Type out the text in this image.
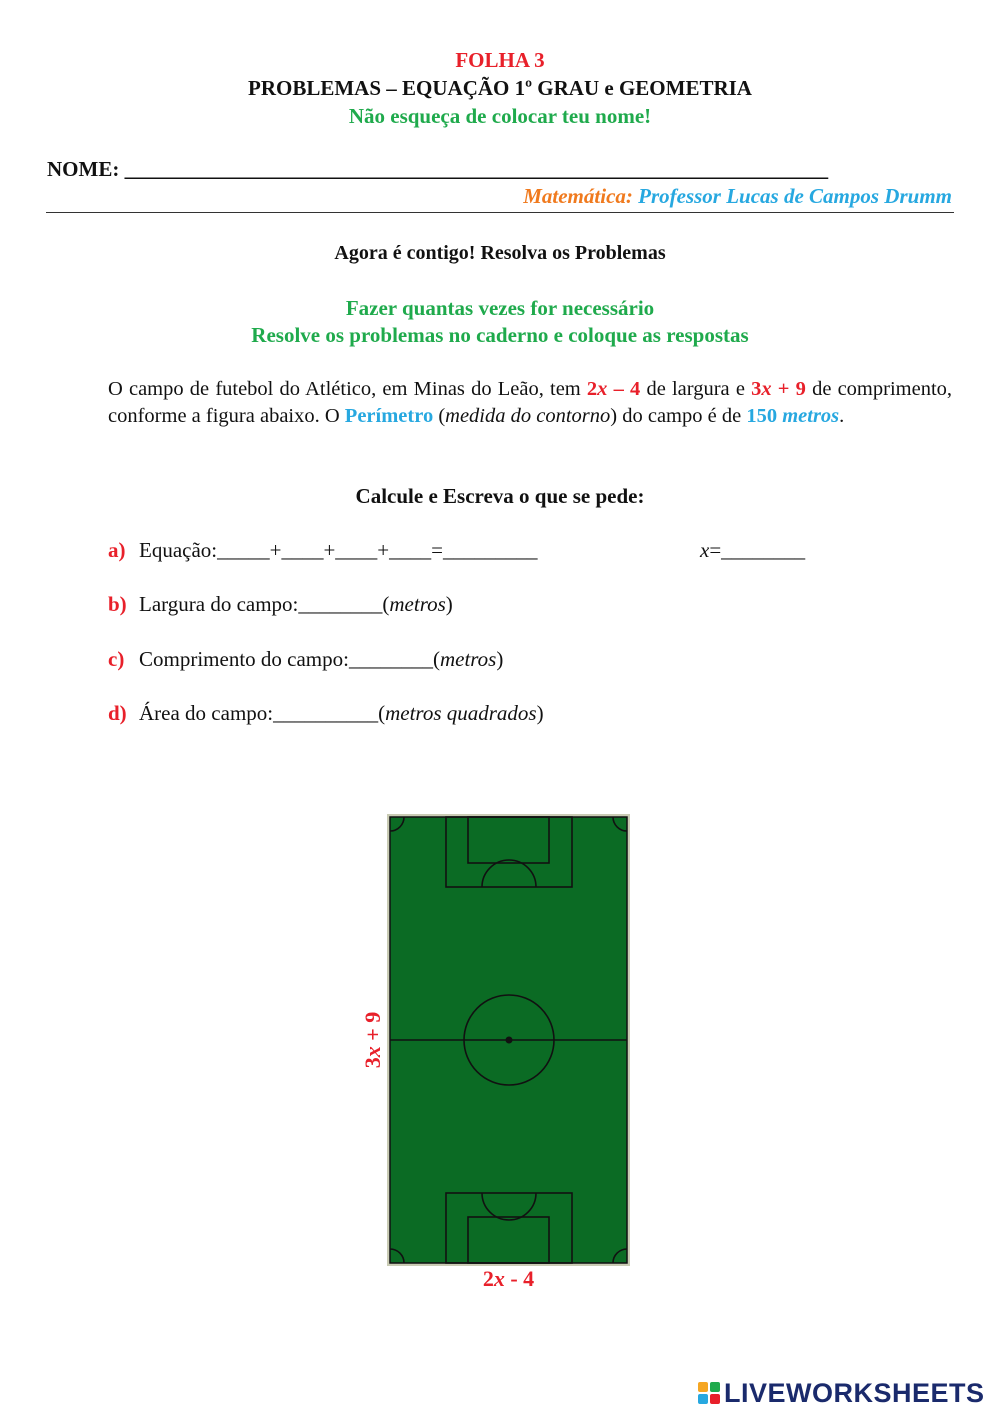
FOLHA 3
PROBLEMAS – EQUAÇÃO 1º GRAU e GEOMETRIA
Não esqueça de colocar teu nome!
NOME: ___________________________________________________________________
Matemática: Professor Lucas de Campos Drumm
Agora é contigo! Resolva os Problemas
Fazer quantas vezes for necessário
Resolve os problemas no caderno e coloque as respostas
O campo de futebol do Atlético, em Minas do Leão, tem 2x – 4 de largura e 3x + 9 de comprimento, conforme a figura abaixo. O Perímetro (medida do contorno) do campo é de 150 metros.
Calcule e Escreva o que se pede:
a) Equação:_____+____+____+____=_________	x=________
b) Largura do campo:________(metros)
c) Comprimento do campo:________(metros)
d) Área do campo:__________(metros quadrados)
3x + 9
2x - 4
LIVEWORKSHEETS
